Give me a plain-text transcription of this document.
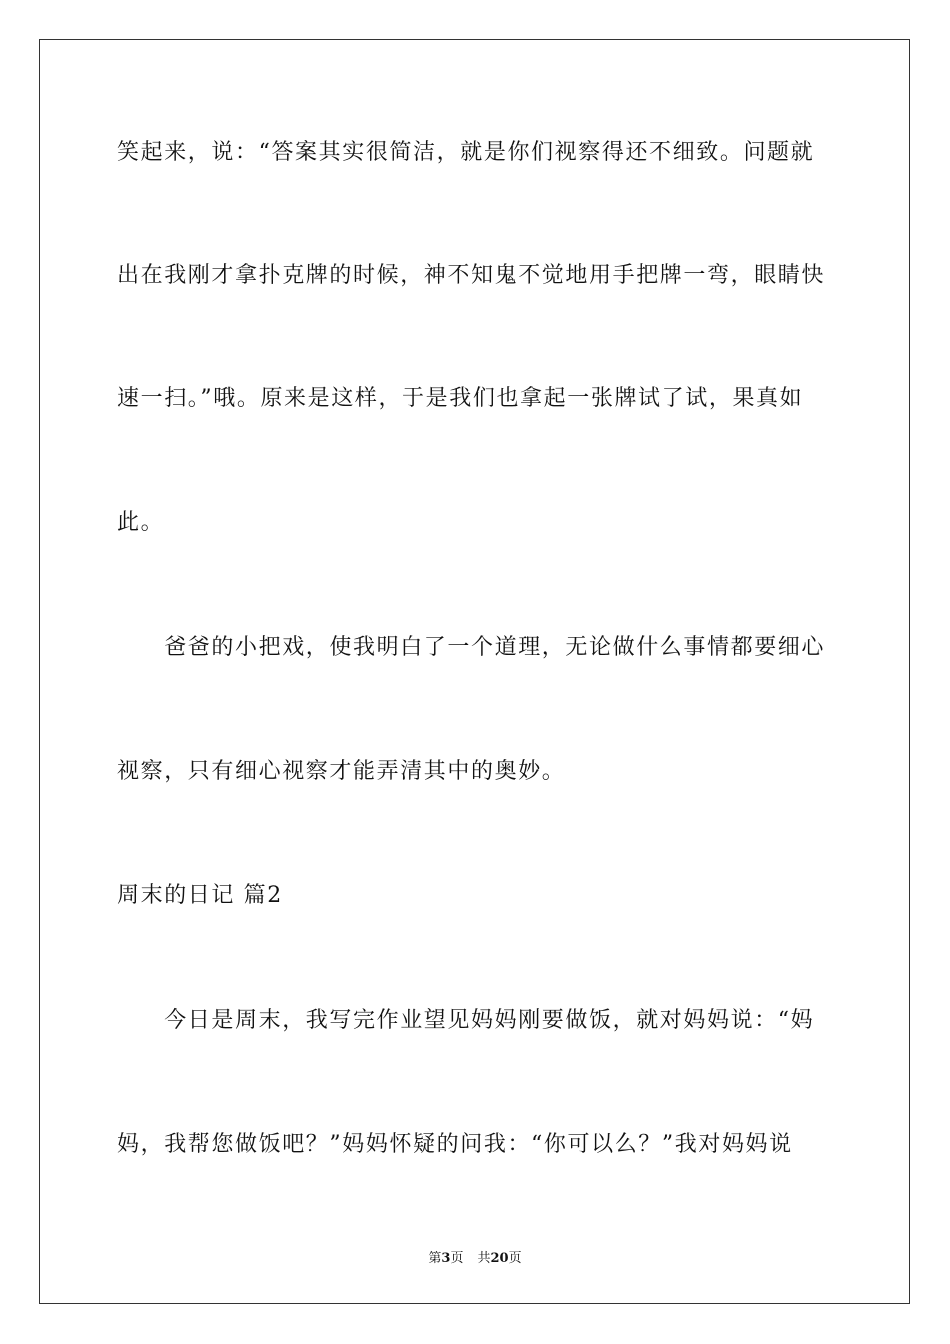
笑起来，说：“答案其实很简洁，就是你们视察得还不细致。问题就
出在我刚才拿扑克牌的时候，神不知鬼不觉地用手把牌一弯，眼睛快
速一扫。”哦。原来是这样，于是我们也拿起一张牌试了试，果真如
此。
　　爸爸的小把戏，使我明白了一个道理，无论做什么事情都要细心
视察，只有细心视察才能弄清其中的奥妙。
周末的日记 篇2
　　今日是周末，我写完作业望见妈妈刚要做饭，就对妈妈说：“妈
妈，我帮您做饭吧？”妈妈怀疑的问我：“你可以么？”我对妈妈说
第3页 共20页
